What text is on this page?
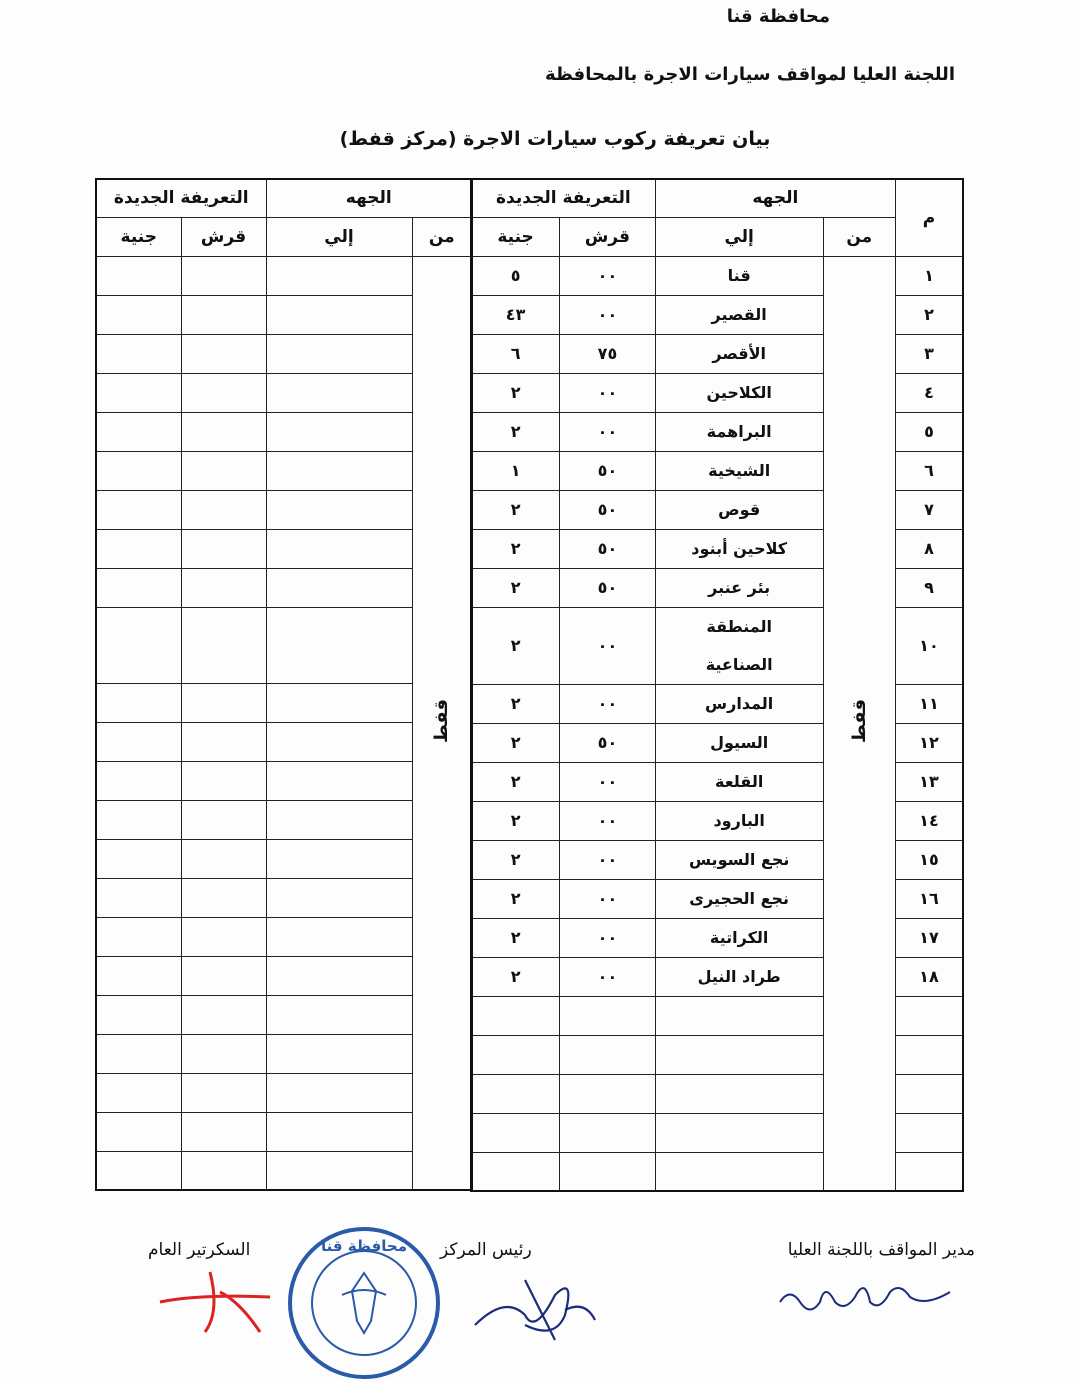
محافظة قنا
اللجنة العليا لمواقف سيارات الاجرة بالمحافظة
بيان تعريفة ركوب سيارات الاجرة (مركز قفط)
م	الجهه		التعريفة الجديدة	
	من	إلي	قرش	جنية
١	قفط	قنا	٠٠	٥
٢		القصير	٠٠	٤٣
٣		الأقصر	٧٥	٦
٤		الكلاحين	٠٠	٢
٥		البراهمة	٠٠	٢
٦		الشيخية	٥٠	١
٧		قوص	٥٠	٢
٨		كلاحين أبنود	٥٠	٢
٩		بئر عنبر	٥٠	٢
١٠		المنطقة الصناعية	٠٠	٢
١١		المدارس	٠٠	٢
١٢		السيول	٥٠	٢
١٣		القلعة	٠٠	٢
١٤		البارود	٠٠	٢
١٥		نجع السويس	٠٠	٢
١٦		نجع الحجيرى	٠٠	٢
١٧		الكراتية	٠٠	٢
١٨		طراد النيل	٠٠	٢

الجهه		التعريفة الجديدة	
من	إلي	قرش	جنية
قفط			

مدير المواقف باللجنة العليا
رئيس المركز
السكرتير العام	محافظة قنا
